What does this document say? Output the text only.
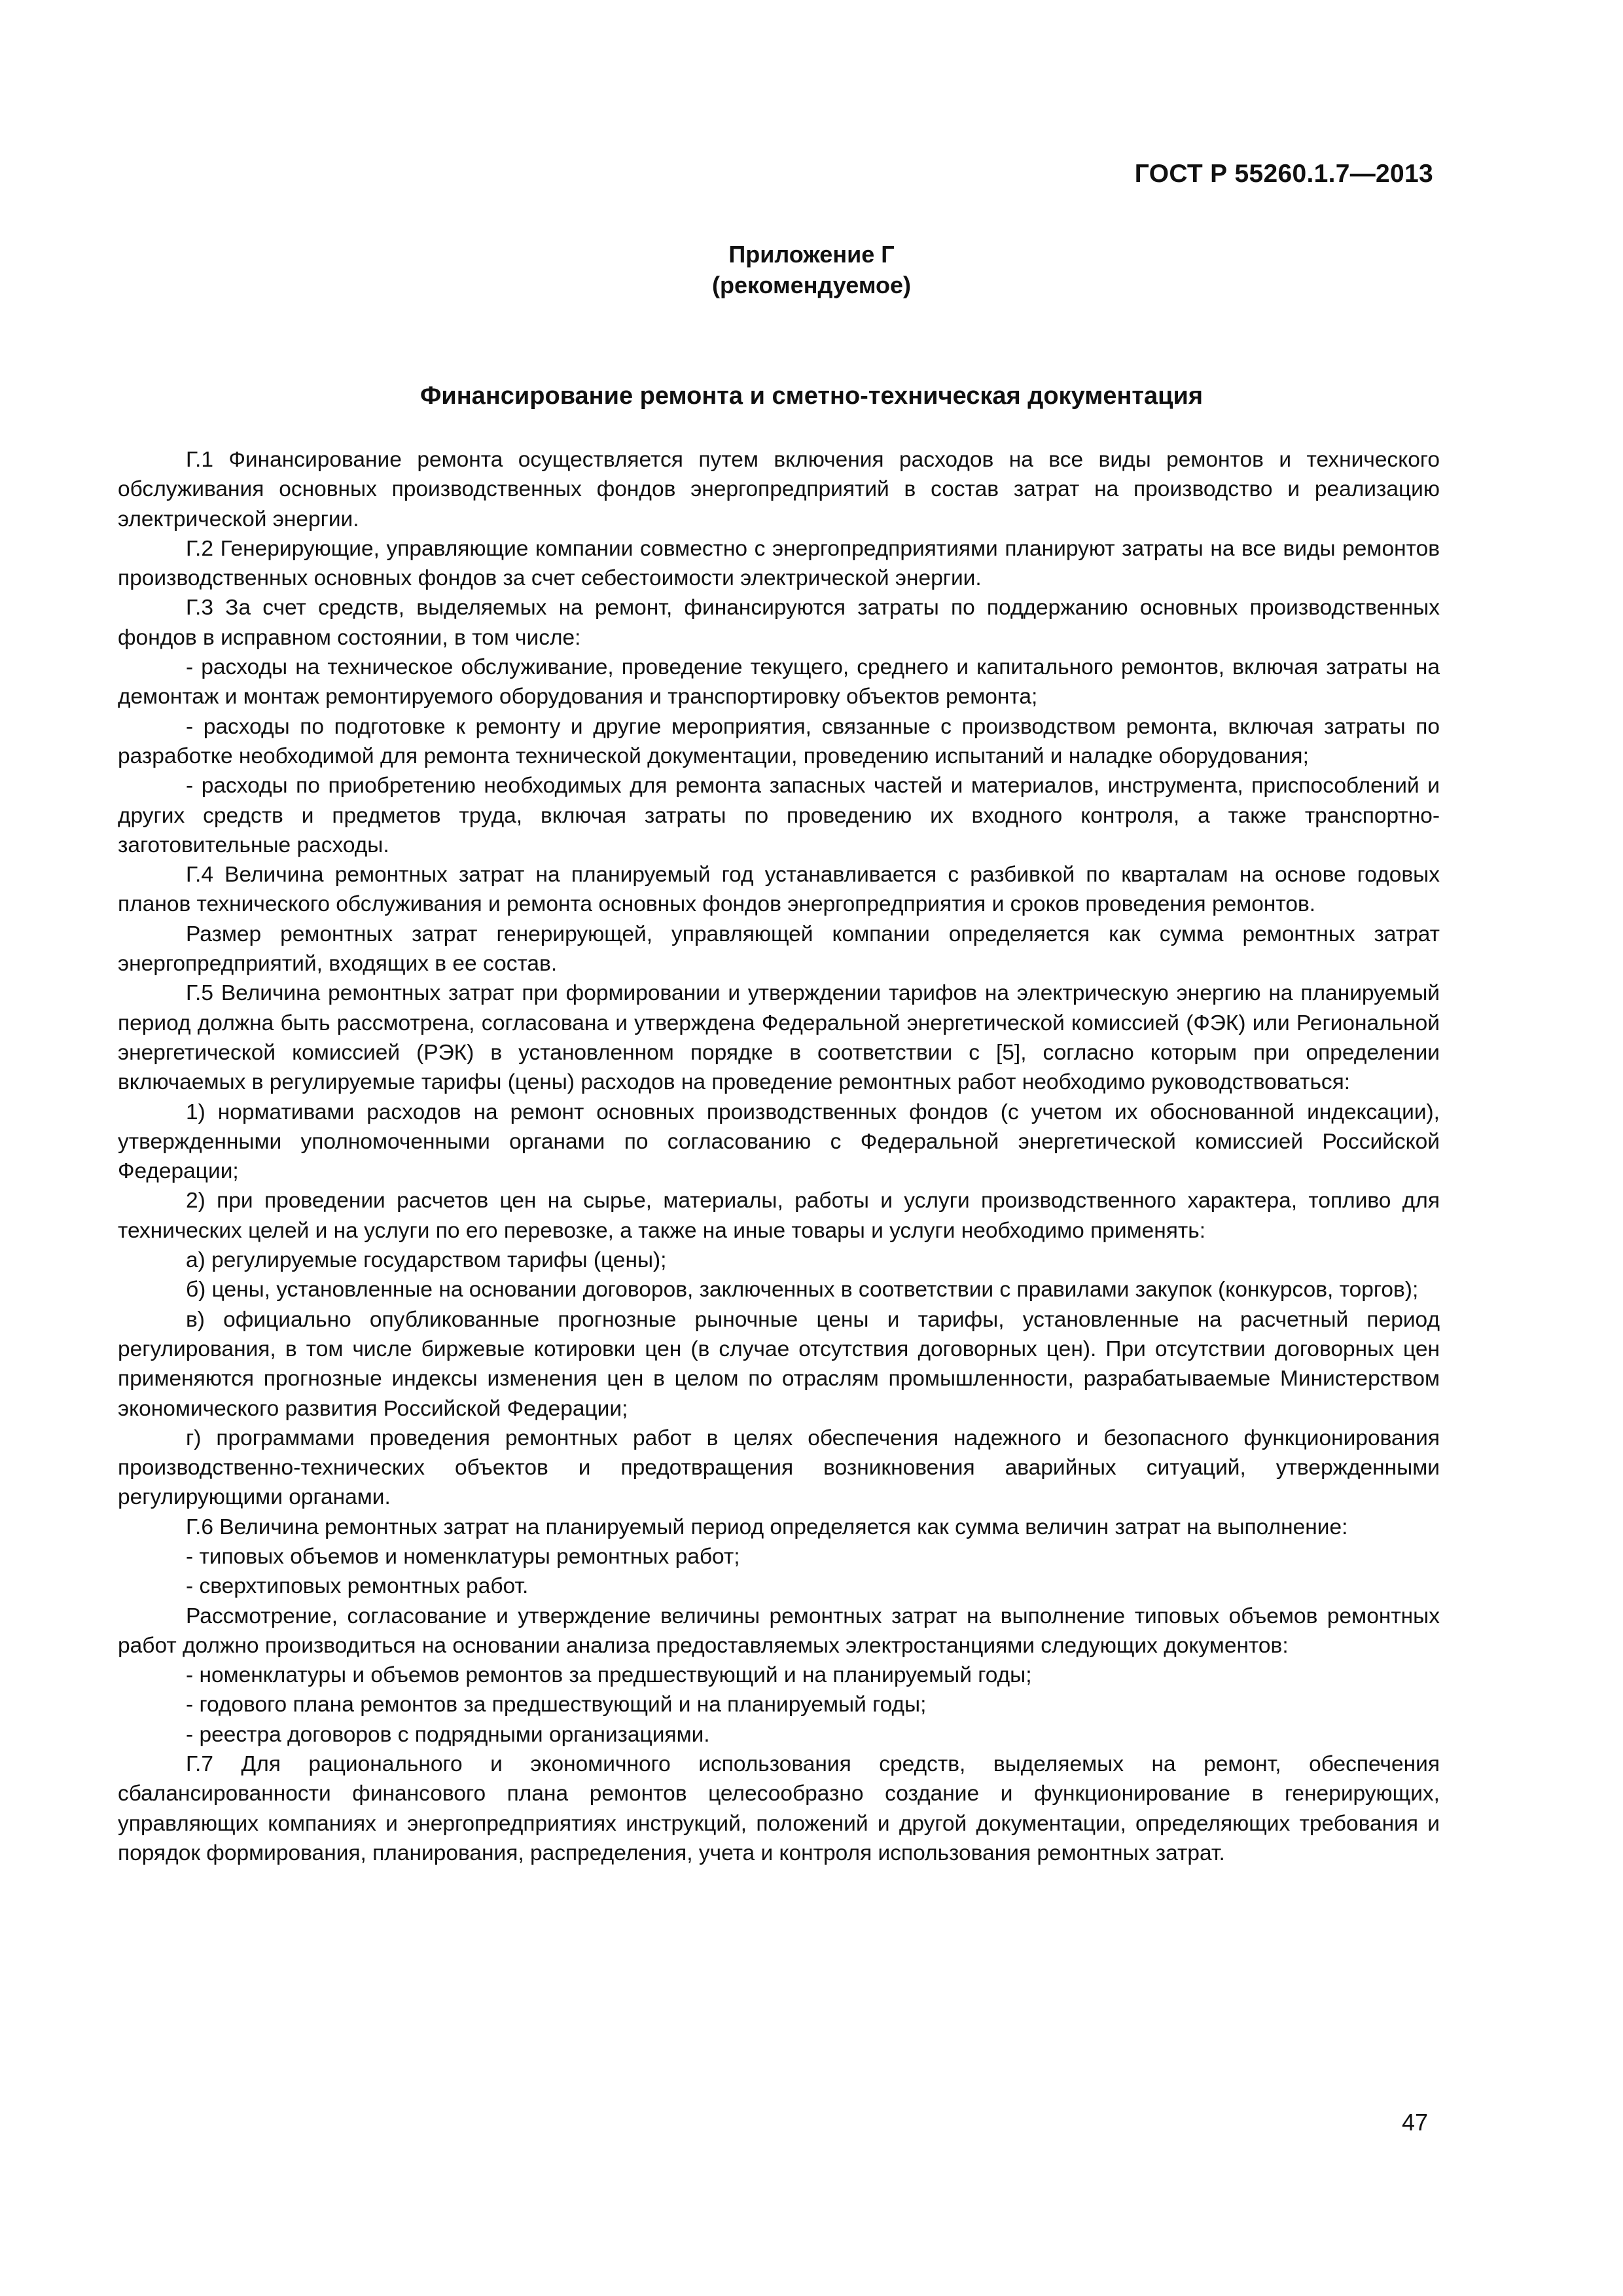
ГОСТ Р 55260.1.7—2013
Приложение Г
(рекомендуемое)
Финансирование ремонта и сметно-техническая документация

Г.1 Финансирование ремонта осуществляется путем включения расходов на все виды ремонтов и технического обслуживания основных производственных фондов энергопредприятий в состав затрат на производство и реализацию электрической энергии.

Г.2 Генерирующие, управляющие компании совместно с энергопредприятиями планируют затраты на все виды ремонтов производственных основных фондов за счет себестоимости электрической энергии.

Г.3 За счет средств, выделяемых на ремонт, финансируются затраты по поддержанию основных производственных фондов в исправном состоянии, в том числе:

- расходы на техническое обслуживание, проведение текущего, среднего и капитального ремонтов, включая затраты на демонтаж и монтаж ремонтируемого оборудования и транспортировку объектов ремонта;

- расходы по подготовке к ремонту и другие мероприятия, связанные с производством ремонта, включая затраты по разработке необходимой для ремонта технической документации, проведению испытаний и наладке оборудования;

- расходы по приобретению необходимых для ремонта запасных частей и материалов, инструмента, приспособлений и других средств и предметов труда, включая затраты по проведению их входного контроля, а также транспортно-заготовительные расходы.

Г.4 Величина ремонтных затрат на планируемый год устанавливается с разбивкой по кварталам на основе годовых планов технического обслуживания и ремонта основных фондов энергопредприятия и сроков проведения ремонтов.

Размер ремонтных затрат генерирующей, управляющей компании определяется как сумма ремонтных затрат энергопредприятий, входящих в ее состав.

Г.5 Величина ремонтных затрат при формировании и утверждении тарифов на электрическую энергию на планируемый период должна быть рассмотрена, согласована и утверждена Федеральной энергетической комиссией (ФЭК) или Региональной энергетической комиссией (РЭК) в установленном порядке в соответствии с [5], согласно которым при определении включаемых в регулируемые тарифы (цены) расходов на проведение ремонтных работ необходимо руководствоваться:

1) нормативами расходов на ремонт основных производственных фондов (с учетом их обоснованной индексации), утвержденными уполномоченными органами по согласованию с Федеральной энергетической комиссией Российской Федерации;

2) при проведении расчетов цен на сырье, материалы, работы и услуги производственного характера, топливо для технических целей и на услуги по его перевозке, а также на иные товары и услуги необходимо применять:

а) регулируемые государством тарифы (цены);

б) цены, установленные на основании договоров, заключенных в соответствии с правилами закупок (конкурсов, торгов);

в) официально опубликованные прогнозные рыночные цены и тарифы, установленные на расчетный период регулирования, в том числе биржевые котировки цен (в случае отсутствия договорных цен). При отсутствии договорных цен применяются прогнозные индексы изменения цен в целом по отраслям промышленности, разрабатываемые Министерством экономического развития Российской Федерации;

г) программами проведения ремонтных работ в целях обеспечения надежного и безопасного функционирования производственно-технических объектов и предотвращения возникновения аварийных ситуаций, утвержденными регулирующими органами.

Г.6 Величина ремонтных затрат на планируемый период определяется как сумма величин затрат на выполнение:

- типовых объемов и номенклатуры ремонтных работ;

- сверхтиповых ремонтных работ.

Рассмотрение, согласование и утверждение величины ремонтных затрат на выполнение типовых объемов ремонтных работ должно производиться на основании анализа предоставляемых электростанциями следующих документов:

- номенклатуры и объемов ремонтов за предшествующий и на планируемый годы;

- годового плана ремонтов за предшествующий и на планируемый годы;

- реестра договоров с подрядными организациями.

Г.7 Для рационального и экономичного использования средств, выделяемых на ремонт, обеспечения сбалансированности финансового плана ремонтов целесообразно создание и функционирование в генерирующих, управляющих компаниях и энергопредприятиях инструкций, положений и другой документации, определяющих требования и порядок формирования, планирования, распределения, учета и контроля использования ремонтных затрат.

47
